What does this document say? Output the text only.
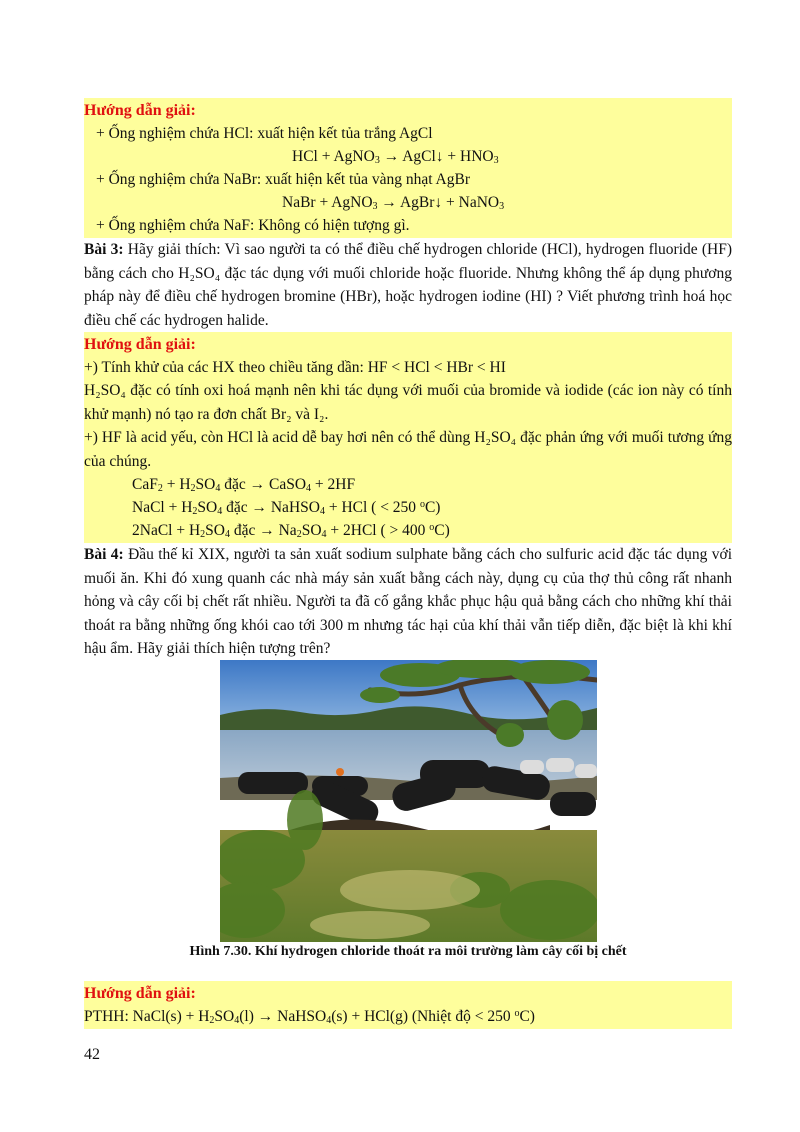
Hướng dẫn giải:
+ Ống nghiệm chứa HCl: xuất hiện kết tủa trắng AgCl
HCl + AgNO$_3$ → AgCl↓ + $HNO_3$
+ Ống nghiệm chứa NaBr: xuất hiện kết tủa vàng nhạt AgBr
NaBr + AgNO$_3$ → AgBr↓ + NaNO$_3$
+ Ống nghiệm chứa NaF: Không có hiện tượng gì.

Bài 3: Hãy giải thích: Vì sao người ta có thể điều chế hydrogen chloride (HCl), hydrogen fluoride (HF) bằng cách cho H₂SO₄ đặc tác dụng với muối chloride hoặc fluoride. Nhưng không thể áp dụng phương pháp này để điều chế hydrogen bromine (HBr), hoặc hydrogen iodine (HI) ? Viết phương trình hoá học điều chế các hydrogen halide.

Hướng dẫn giải:
+) Tính khử của các HX theo chiều tăng dần: HF < HCl < HBr < HI

H₂SO₄ đặc có tính oxi hoá mạnh nên khi tác dụng với muối của bromide và iodide (các ion này có tính khử mạnh) nó tạo ra đơn chất Br₂ và I₂.

+) HF là acid yếu, còn HCl là acid dễ bay hơi nên có thể dùng H₂SO₄ đặc phản ứng với muối tương ứng của chúng.

$CaF_2 + H_2SO_4$ đặc → CaSO$_4$ + 2HF
NaCl + $H_2SO_4$ đặc → NaHSO$_4$ + HCl ( < 250 $^o$C)
2NaCl + $H_2SO_4$ đặc → $Na_2SO_4 + 2HCl$ ( > 400 $^o$C)

Bài 4: Đầu thế kỉ XIX, người ta sản xuất sodium sulphate bằng cách cho sulfuric acid đặc tác dụng với muối ăn. Khi đó xung quanh các nhà máy sản xuất bằng cách này, dụng cụ của thợ thủ công rất nhanh hỏng và cây cối bị chết rất nhiều. Người ta đã cố gắng khắc phục hậu quả bằng cách cho những khí thải thoát ra bằng những ống khói cao tới 300 m nhưng tác hại của khí thải vẫn tiếp diễn, đặc biệt là khi khí hậu ẩm. Hãy giải thích hiện tượng trên?

Hình 7.30. Khí hydrogen chloride thoát ra môi trường làm cây cối bị chết
Hướng dẫn giải:
PTHH: NaCl(s) + $H_2SO_4(l)$ → NaHSO$_4$(s) + HCl(g) (Nhiệt độ < 250 $^o$C)
42
